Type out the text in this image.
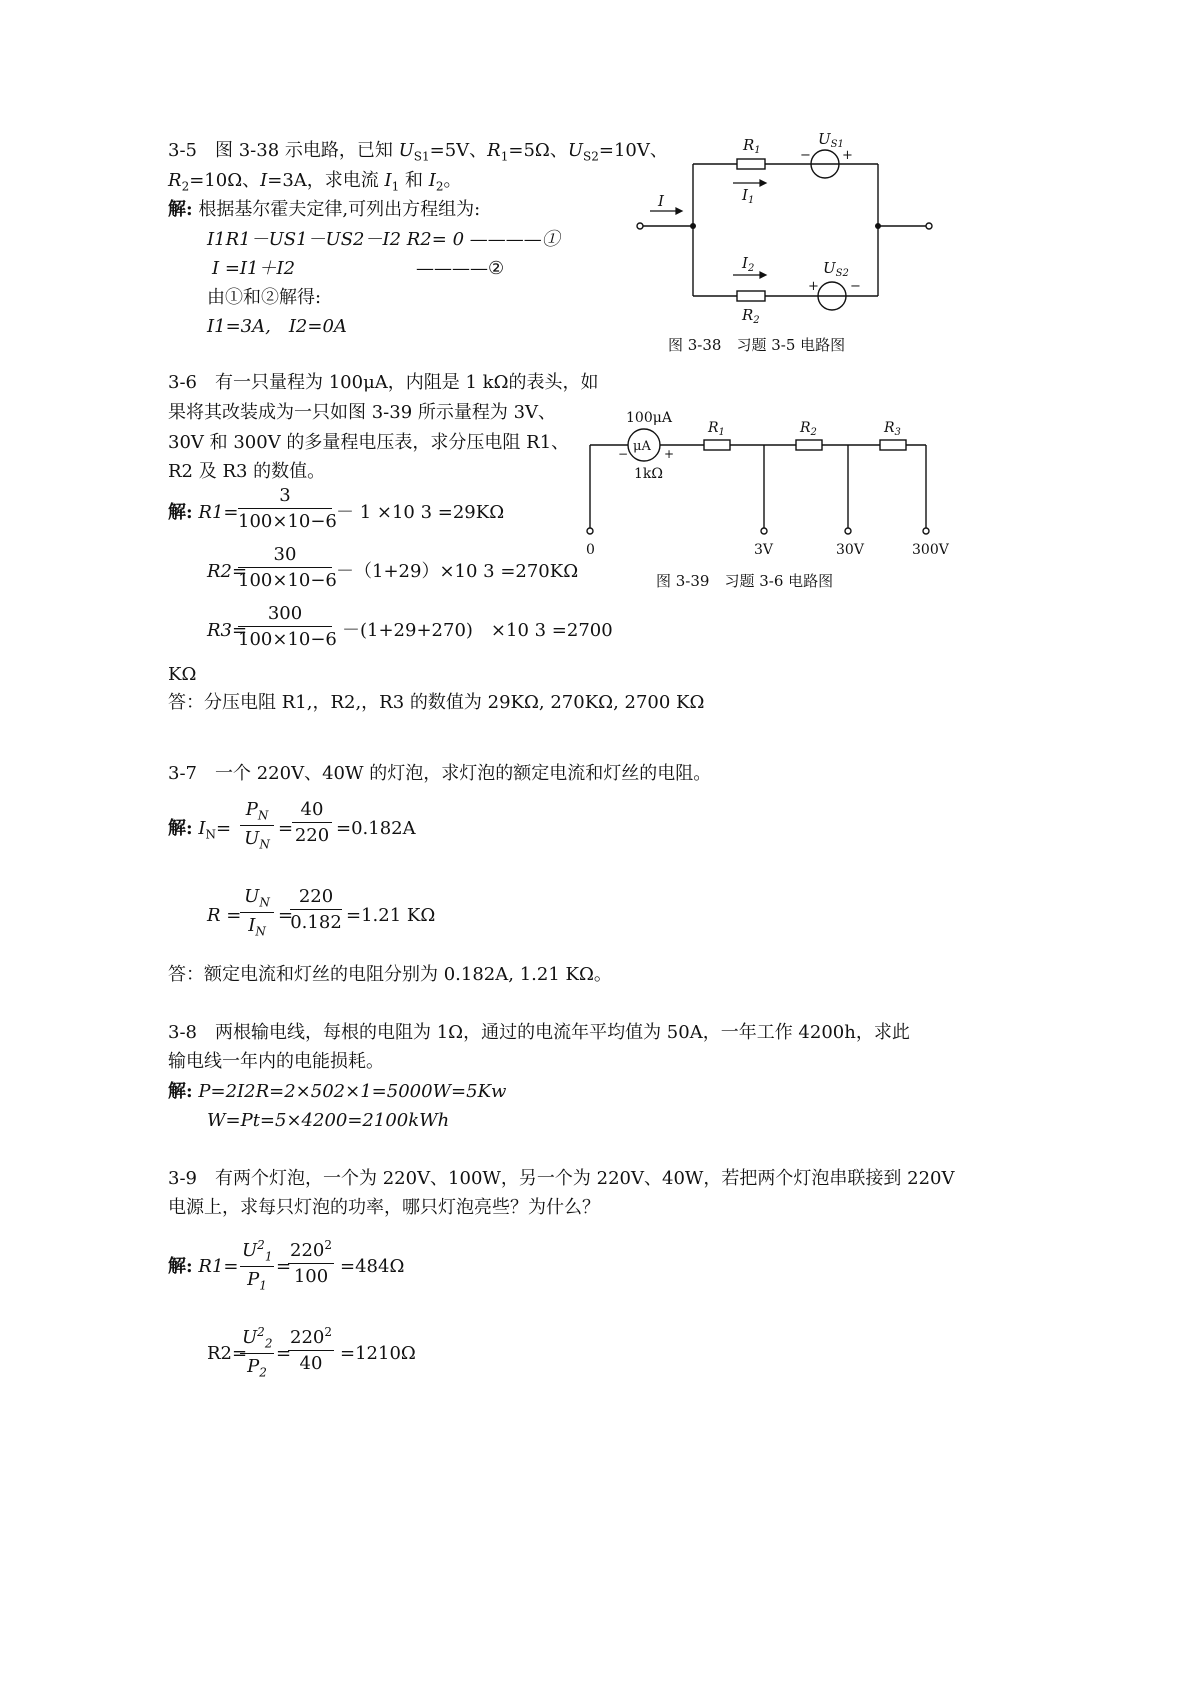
3-5　图 3-38 示电路，已知 $U_{S1}=5V$、$R_1=5\Omega$、$U_{S2}=10V$、
$R_2=10\Omega$、I=3A，求电流 $I_1$ 和 $I_2$。
解: 根据基尔霍夫定律,可列出方程组为:
I1R1－US1－US2－I2 R2= 0 ————①
I =I1＋I2	————②
由①和②解得:
I1=3A,　I2=0A
$R_1$
$U_{S1}$
− +
I	$I_1$
$I_2$	$U_{S2}$
+ −
$R_2$
图 3-38　习题 3-5 电路图
3-6　有一只量程为 100μA，内阻是 1 kΩ的表头，如
果将其改装成为一只如图 3-39 所示量程为 3V、
30V 和 300V 的多量程电压表，求分压电阻 R1、
R2 及 R3 的数值。
100μA
μA
−	+
1kΩ
$R_1$	$R_2$	$R_3$
0	3V	30V	300V
图 3-39　习题 3-6 电路图
解: R1=
3
100×10−6 － 1 ×10 3 =29KΩ
R2=
30
100×10−6 －（1+29）×10 3 =270KΩ
R3=
300
100×10−6 －(1+29+270)　×10 3 =2700
KΩ
答：分压电阻 R1,，R2,，R3 的数值为 29KΩ, 270KΩ, 2700 KΩ
3-7　一个 220V、40W 的灯泡，求灯泡的额定电流和灯丝的电阻。
解: $I_N=$
$P_N$
$U_N$
=
40
220 =0.182A
R =
$U_N$
$I_N$
=
220
0.182 =1.21 KΩ
答：额定电流和灯丝的电阻分别为 0.182A, 1.21 KΩ。
3-8　两根输电线，每根的电阻为 1Ω，通过的电流年平均值为 50A，一年工作 4200h，求此
输电线一年内的电能损耗。
解: P=2I2R=2×502×1=5000W=5Kw
W=Pt=5×4200=2100kWh
3-9　有两个灯泡，一个为 220V、100W，另一个为 220V、40W，若把两个灯泡串联接到 220V
电源上，求每只灯泡的功率，哪只灯泡亮些？为什么？
解: R1=
$U^2_1$
$P_1$
=
$220^2$
100 =484Ω
R2=
$U^2_2$
$P_2$
=
$220^2$
40 =1210Ω
